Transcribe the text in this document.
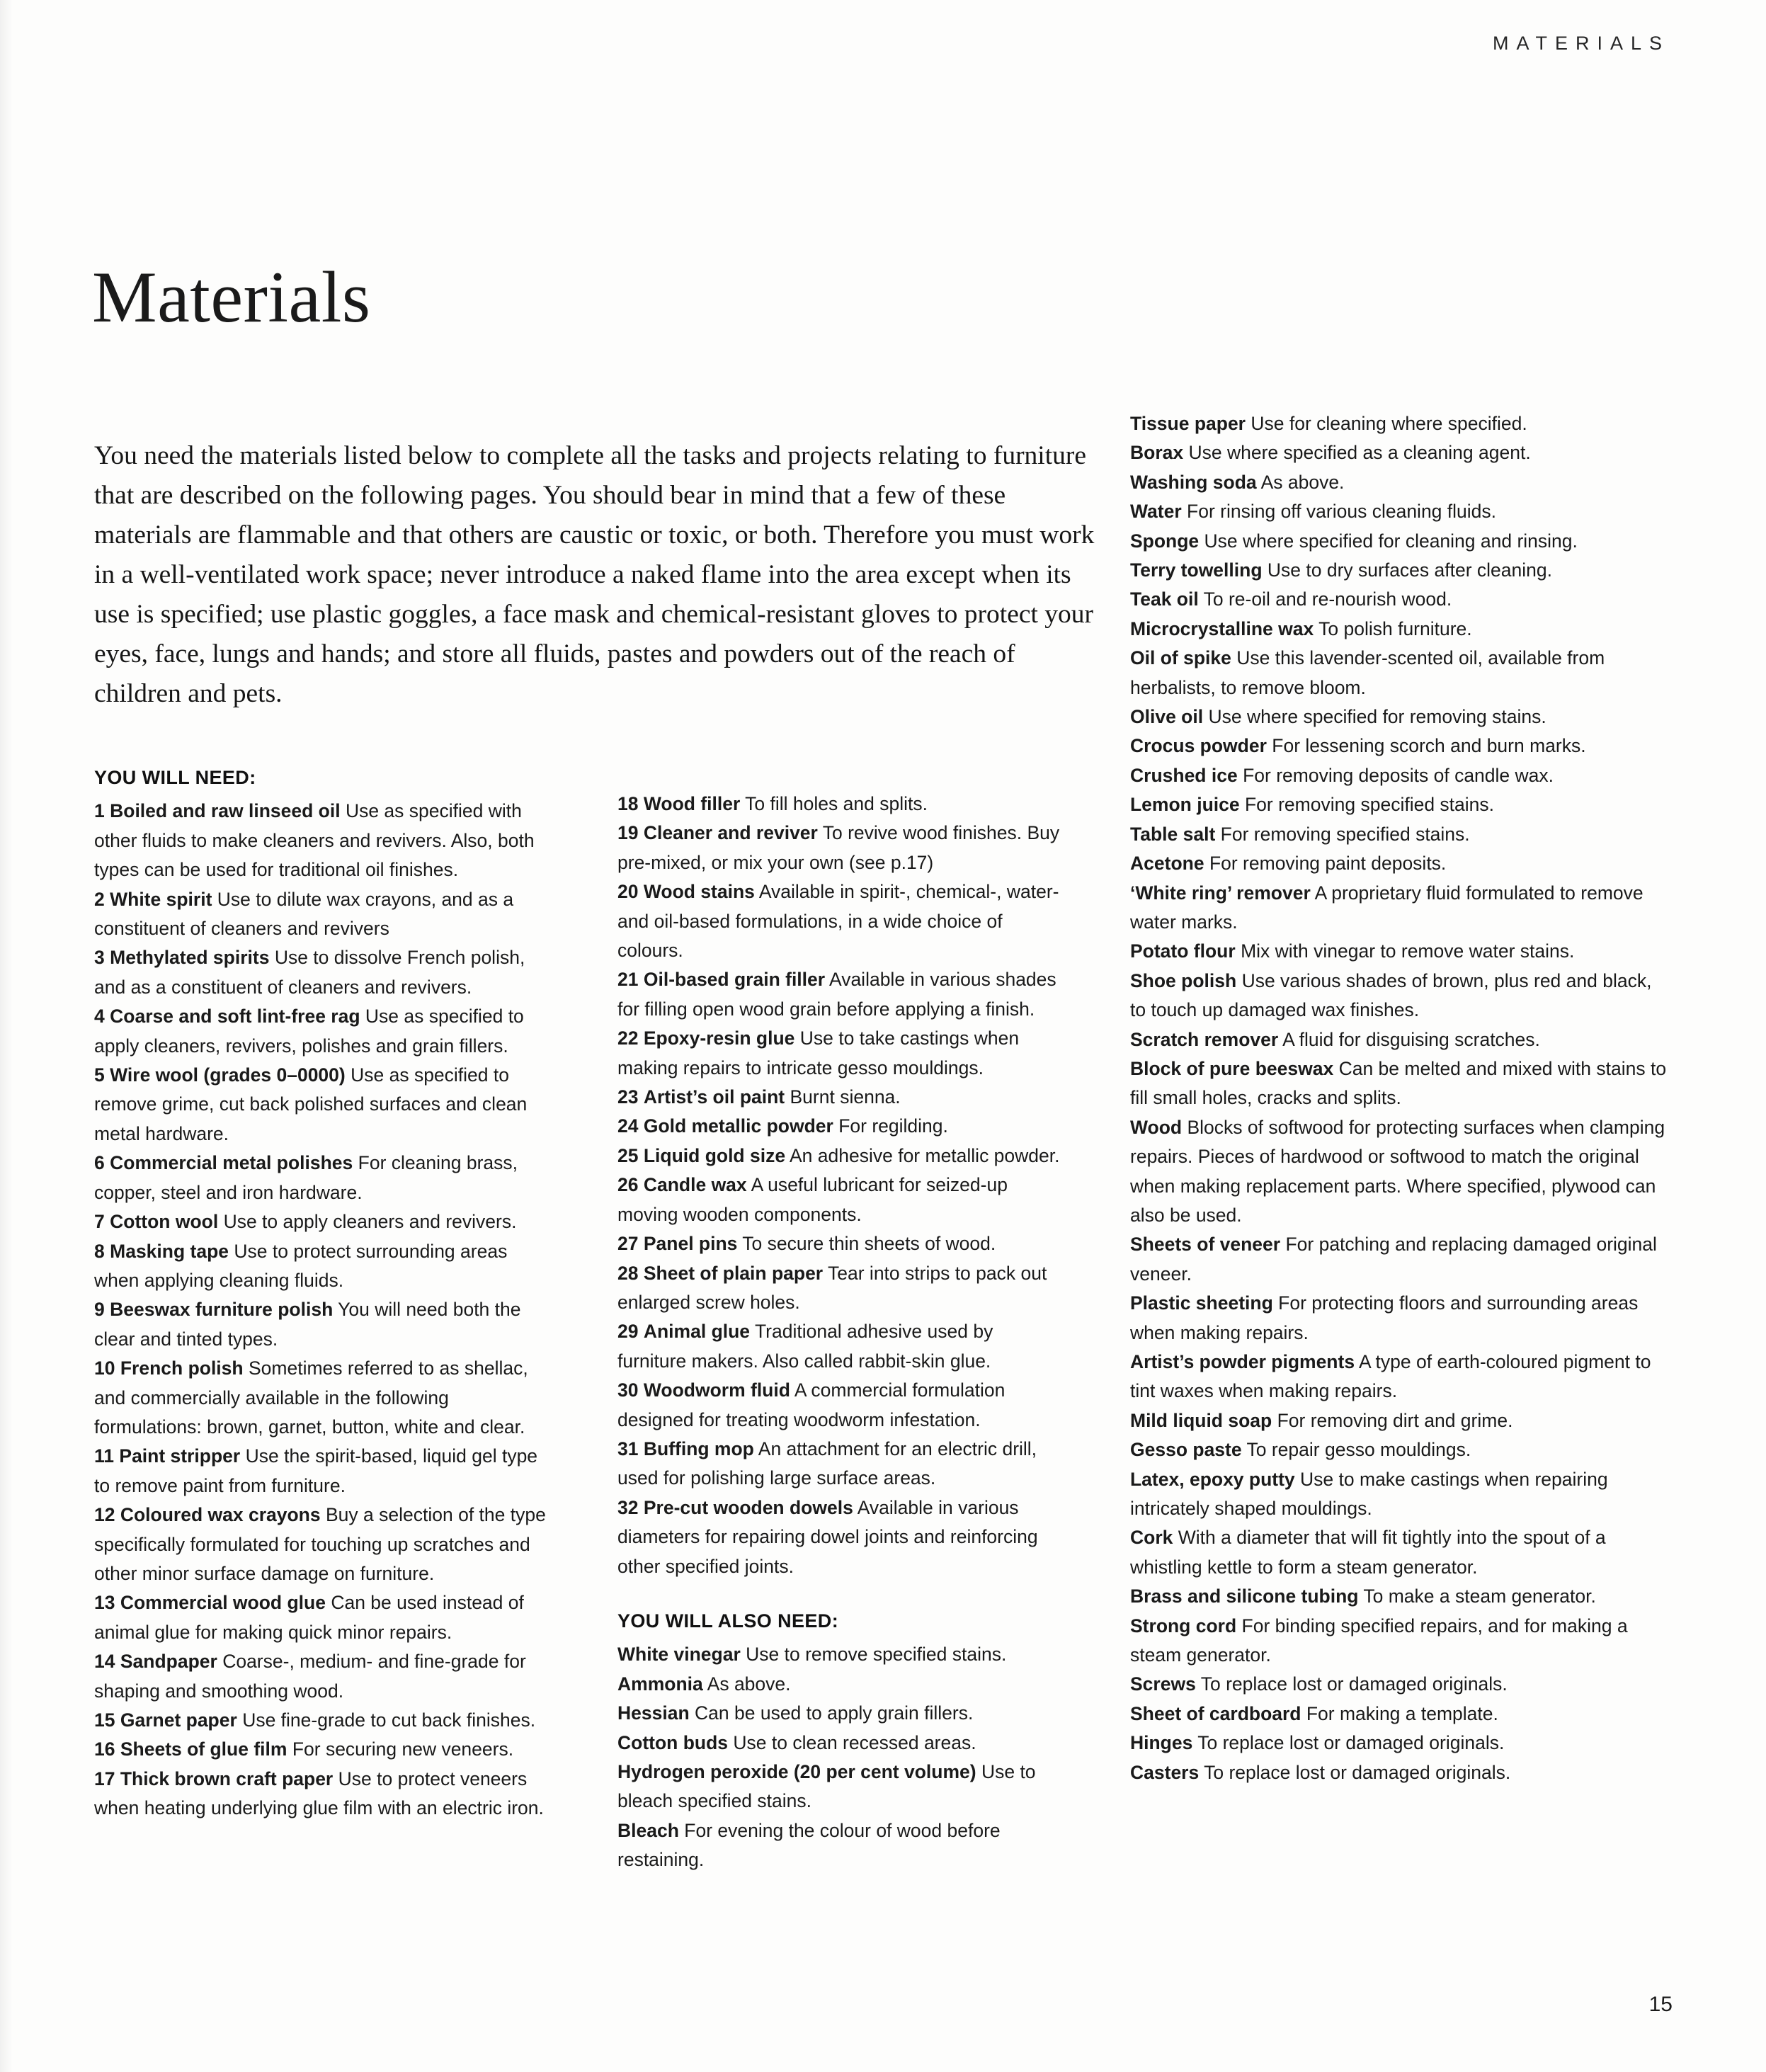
MATERIALS
Materials

You need the materials listed below to complete all the tasks and projects relating to furniture that are described on the following pages. You should bear in mind that a few of these materials are flammable and that others are caustic or toxic, or both. Therefore you must work in a well-ventilated work space; never introduce a naked flame into the area except when its use is specified; use plastic goggles, a face mask and chemical-resistant gloves to protect your eyes, face, lungs and hands; and store all fluids, pastes and powders out of the reach of children and pets.

YOU WILL NEED:

1 Boiled and raw linseed oil Use as specified with other fluids to make cleaners and revivers. Also, both types can be used for traditional oil finishes.

2 White spirit Use to dilute wax crayons, and as a constituent of cleaners and revivers

3 Methylated spirits Use to dissolve French polish, and as a constituent of cleaners and revivers.

4 Coarse and soft lint-free rag Use as specified to apply cleaners, revivers, polishes and grain fillers.

5 Wire wool (grades 0–0000) Use as specified to remove grime, cut back polished surfaces and clean metal hardware.

6 Commercial metal polishes For cleaning brass, copper, steel and iron hardware.

7 Cotton wool Use to apply cleaners and revivers.

8 Masking tape Use to protect surrounding areas when applying cleaning fluids.

9 Beeswax furniture polish You will need both the clear and tinted types.

10 French polish Sometimes referred to as shellac, and commercially available in the following formulations: brown, garnet, button, white and clear.

11 Paint stripper Use the spirit-based, liquid gel type to remove paint from furniture.

12 Coloured wax crayons Buy a selection of the type specifically formulated for touching up scratches and other minor surface damage on furniture.

13 Commercial wood glue Can be used instead of animal glue for making quick minor repairs.

14 Sandpaper Coarse-, medium- and fine-grade for shaping and smoothing wood.

15 Garnet paper Use fine-grade to cut back finishes.

16 Sheets of glue film For securing new veneers.

17 Thick brown craft paper Use to protect veneers when heating underlying glue film with an electric iron.

18 Wood filler To fill holes and splits.

19 Cleaner and reviver To revive wood finishes. Buy pre-mixed, or mix your own (see p.17)

20 Wood stains Available in spirit-, chemical-, water- and oil-based formulations, in a wide choice of colours.

21 Oil-based grain filler Available in various shades for filling open wood grain before applying a finish.

22 Epoxy-resin glue Use to take castings when making repairs to intricate gesso mouldings.

23 Artist’s oil paint Burnt sienna.

24 Gold metallic powder For regilding.

25 Liquid gold size An adhesive for metallic powder.

26 Candle wax A useful lubricant for seized-up moving wooden components.

27 Panel pins To secure thin sheets of wood.

28 Sheet of plain paper Tear into strips to pack out enlarged screw holes.

29 Animal glue Traditional adhesive used by furniture makers. Also called rabbit-skin glue.

30 Woodworm fluid A commercial formulation designed for treating woodworm infestation.

31 Buffing mop An attachment for an electric drill, used for polishing large surface areas.

32 Pre-cut wooden dowels Available in various diameters for repairing dowel joints and reinforcing other specified joints.

YOU WILL ALSO NEED:

White vinegar Use to remove specified stains.

Ammonia As above.

Hessian Can be used to apply grain fillers.

Cotton buds Use to clean recessed areas.

Hydrogen peroxide (20 per cent volume) Use to bleach specified stains.

Bleach For evening the colour of wood before restaining.

Tissue paper Use for cleaning where specified.

Borax Use where specified as a cleaning agent.

Washing soda As above.

Water For rinsing off various cleaning fluids.

Sponge Use where specified for cleaning and rinsing.

Terry towelling Use to dry surfaces after cleaning.

Teak oil To re-oil and re-nourish wood.

Microcrystalline wax To polish furniture.

Oil of spike Use this lavender-scented oil, available from herbalists, to remove bloom.

Olive oil Use where specified for removing stains.

Crocus powder For lessening scorch and burn marks.

Crushed ice For removing deposits of candle wax.

Lemon juice For removing specified stains.

Table salt For removing specified stains.

Acetone For removing paint deposits.

‘White ring’ remover A proprietary fluid formulated to remove water marks.

Potato flour Mix with vinegar to remove water stains.

Shoe polish Use various shades of brown, plus red and black, to touch up damaged wax finishes.

Scratch remover A fluid for disguising scratches.

Block of pure beeswax Can be melted and mixed with stains to fill small holes, cracks and splits.

Wood Blocks of softwood for protecting surfaces when clamping repairs. Pieces of hardwood or softwood to match the original when making replacement parts. Where specified, plywood can also be used.

Sheets of veneer For patching and replacing damaged original veneer.

Plastic sheeting For protecting floors and surrounding areas when making repairs.

Artist’s powder pigments A type of earth-coloured pigment to tint waxes when making repairs.

Mild liquid soap For removing dirt and grime.

Gesso paste To repair gesso mouldings.

Latex, epoxy putty Use to make castings when repairing intricately shaped mouldings.

Cork With a diameter that will fit tightly into the spout of a whistling kettle to form a steam generator.

Brass and silicone tubing To make a steam generator.

Strong cord For binding specified repairs, and for making a steam generator.

Screws To replace lost or damaged originals.

Sheet of cardboard For making a template.

Hinges To replace lost or damaged originals.

Casters To replace lost or damaged originals.

15
